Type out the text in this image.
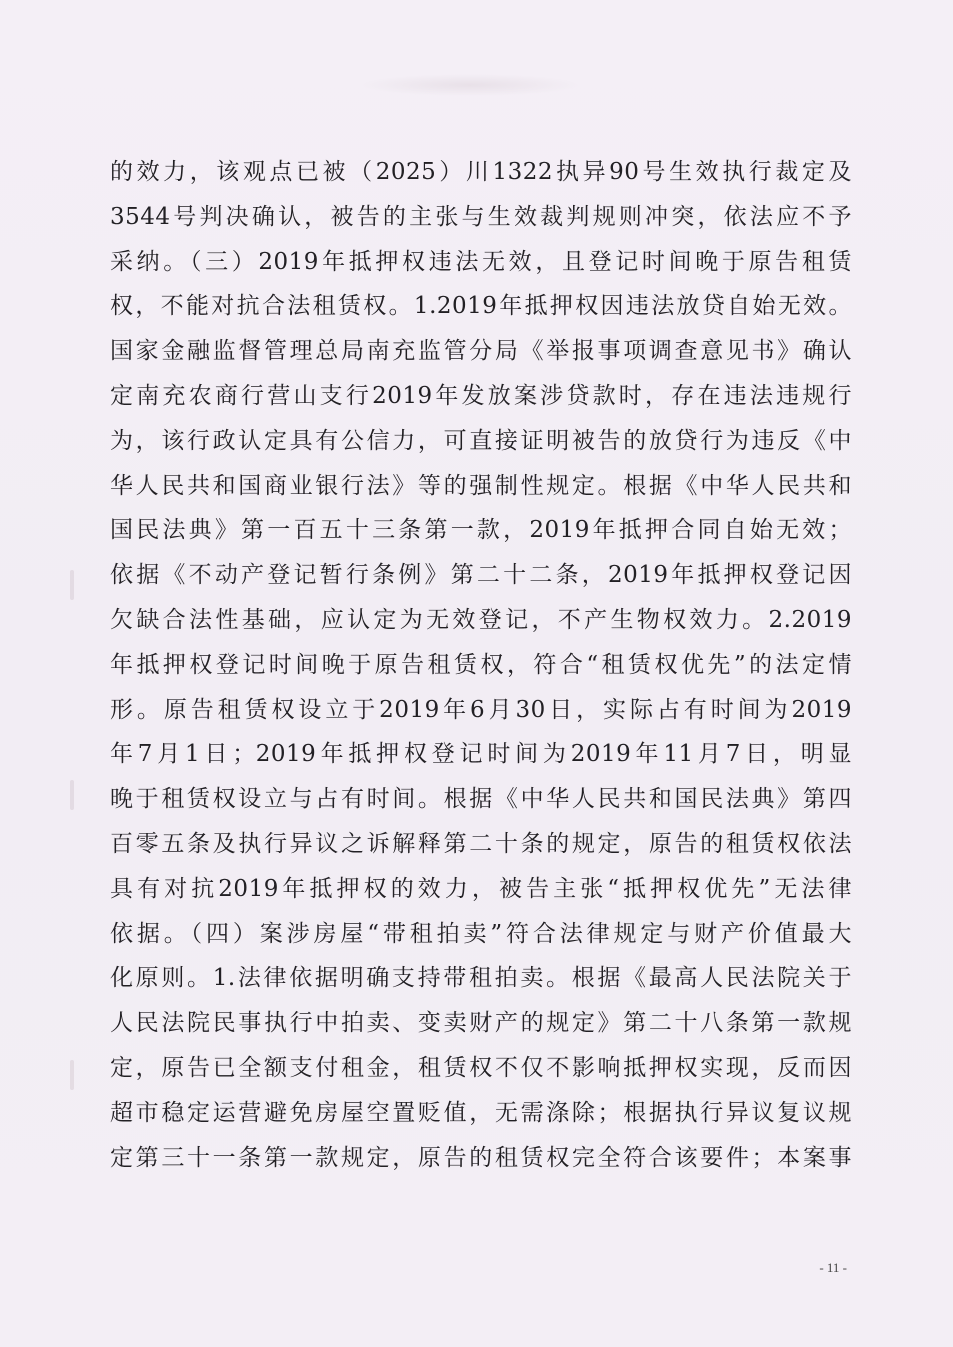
的效力，该观点已被（2025）川1322执异90号生效执行裁定及
3544号判决确认，被告的主张与生效裁判规则冲突，依法应不予
采纳。（三）2019年抵押权违法无效，且登记时间晚于原告租赁
权，不能对抗合法租赁权。1.2019年抵押权因违法放贷自始无效。
国家金融监督管理总局南充监管分局《举报事项调查意见书》确认
定南充农商行营山支行2019年发放案涉贷款时，存在违法违规行
为，该行政认定具有公信力，可直接证明被告的放贷行为违反《中
华人民共和国商业银行法》等的强制性规定。根据《中华人民共和
国民法典》第一百五十三条第一款，2019年抵押合同自始无效；
依据《不动产登记暂行条例》第二十二条，2019年抵押权登记因
欠缺合法性基础，应认定为无效登记，不产生物权效力。2.2019
年抵押权登记时间晚于原告租赁权，符合“租赁权优先”的法定情
形。原告租赁权设立于2019年6月30日，实际占有时间为2019
年7月1日；2019年抵押权登记时间为2019年11月7日，明显
晚于租赁权设立与占有时间。根据《中华人民共和国民法典》第四
百零五条及执行异议之诉解释第二十条的规定，原告的租赁权依法
具有对抗2019年抵押权的效力，被告主张“抵押权优先”无法律
依据。（四）案涉房屋“带租拍卖”符合法律规定与财产价值最大
化原则。1.法律依据明确支持带租拍卖。根据《最高人民法院关于
人民法院民事执行中拍卖、变卖财产的规定》第二十八条第一款规
定，原告已全额支付租金，租赁权不仅不影响抵押权实现，反而因
超市稳定运营避免房屋空置贬值，无需涤除；根据执行异议复议规
定第三十一条第一款规定，原告的租赁权完全符合该要件；本案事
- 11 -
